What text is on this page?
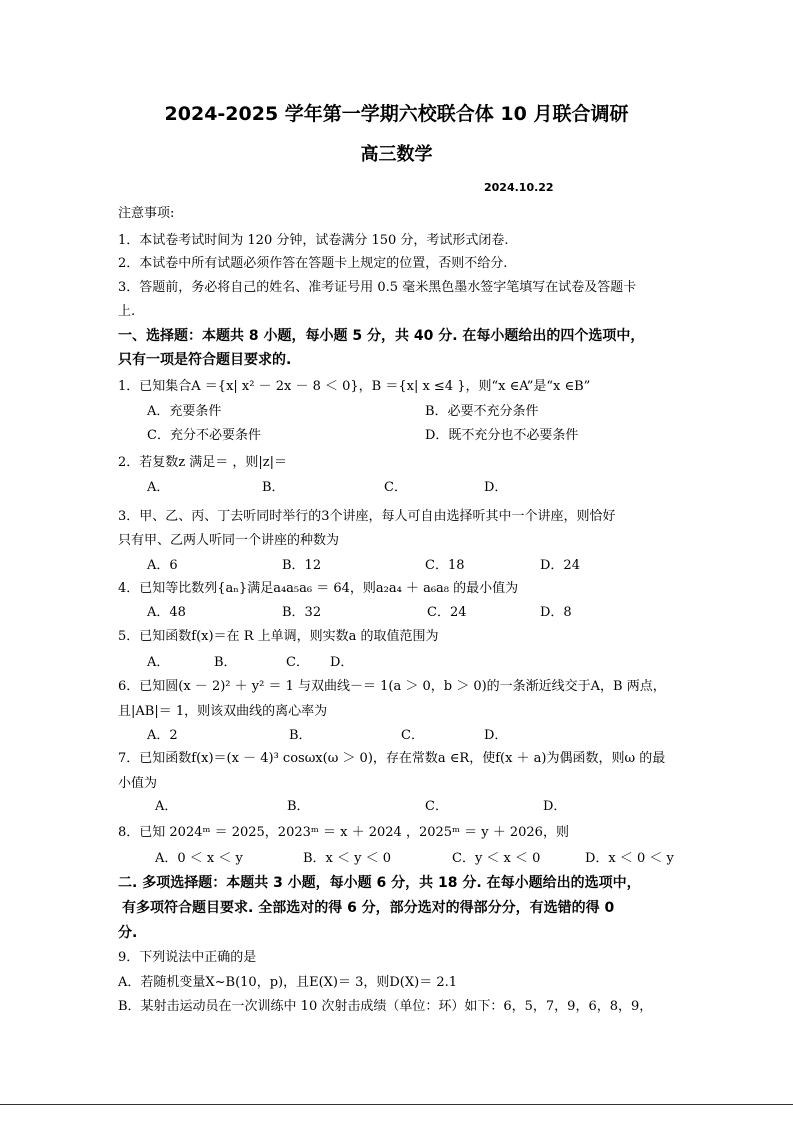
2024-2025 学年第一学期六校联合体 10 月联合调研
高三数学
2024.10.22
注意事项:
1．本试卷考试时间为 120 分钟，试卷满分 150 分，考试形式闭卷.
2．本试卷中所有试题必须作答在答题卡上规定的位置，否则不给分.
3．答题前，务必将自己的姓名、准考证号用 0.5 毫米黑色墨水签字笔填写在试卷及答题卡
上.
一、选择题：本题共 8 小题，每小题 5 分，共 40 分. 在每小题给出的四个选项中，
只有一项是符合题目要求的.
1．已知集合A ＝{x| x² － 2x － 8 ＜ 0}，B ＝{x| x ≤4 }，则“x ∈A”是“x ∈B”
A．充要条件	B．必要不充分条件
C．充分不必要条件	D．既不充分也不必要条件
2．若复数z 满足＝ ，则|z|＝
A．	B．	C．	D．
3．甲、乙、丙、丁去听同时举行的3个讲座，每人可自由选择听其中一个讲座，则恰好
只有甲、乙两人听同一个讲座的种数为
A．6	B．12	C．18	D．24
4．已知等比数列{aₙ}满足a₄a₅a₆ ＝ 64，则a₂a₄ ＋ a₆a₈ 的最小值为
A．48	B．32	C．24	D．8
5．已知函数f(x)＝在 R 上单调，则实数a 的取值范围为
A．	B．	C． D．
6．已知圆(x － 2)² ＋ y² ＝ 1 与双曲线－＝ 1(a ＞ 0，b ＞ 0)的一条渐近线交于A，B 两点，
且|AB|＝ 1，则该双曲线的离心率为
A．2	B．	C．	D．
7．已知函数f(x)＝(x － 4)³ cosωx(ω ＞ 0)，存在常数a ∈R，使f(x ＋ a)为偶函数，则ω 的最
小值为
A．	B．	C．	D．
8．已知 2024ᵐ ＝ 2025，2023ᵐ ＝ x ＋ 2024 ，2025ᵐ ＝ y ＋ 2026，则
A．0 ＜ x ＜ y	B．x ＜ y ＜ 0	C．y ＜ x ＜ 0	D．x ＜ 0 ＜ y
二. 多项选择题：本题共 3 小题，每小题 6 分，共 18 分. 在每小题给出的选项中，
有多项符合题目要求. 全部选对的得 6 分，部分选对的得部分分，有选错的得 0
分.
9．下列说法中正确的是
A．若随机变量X~B(10，p)，且E(X)＝ 3，则D(X)＝ 2.1
B．某射击运动员在一次训练中 10 次射击成绩（单位：环）如下：6，5，7，9，6，8，9，
